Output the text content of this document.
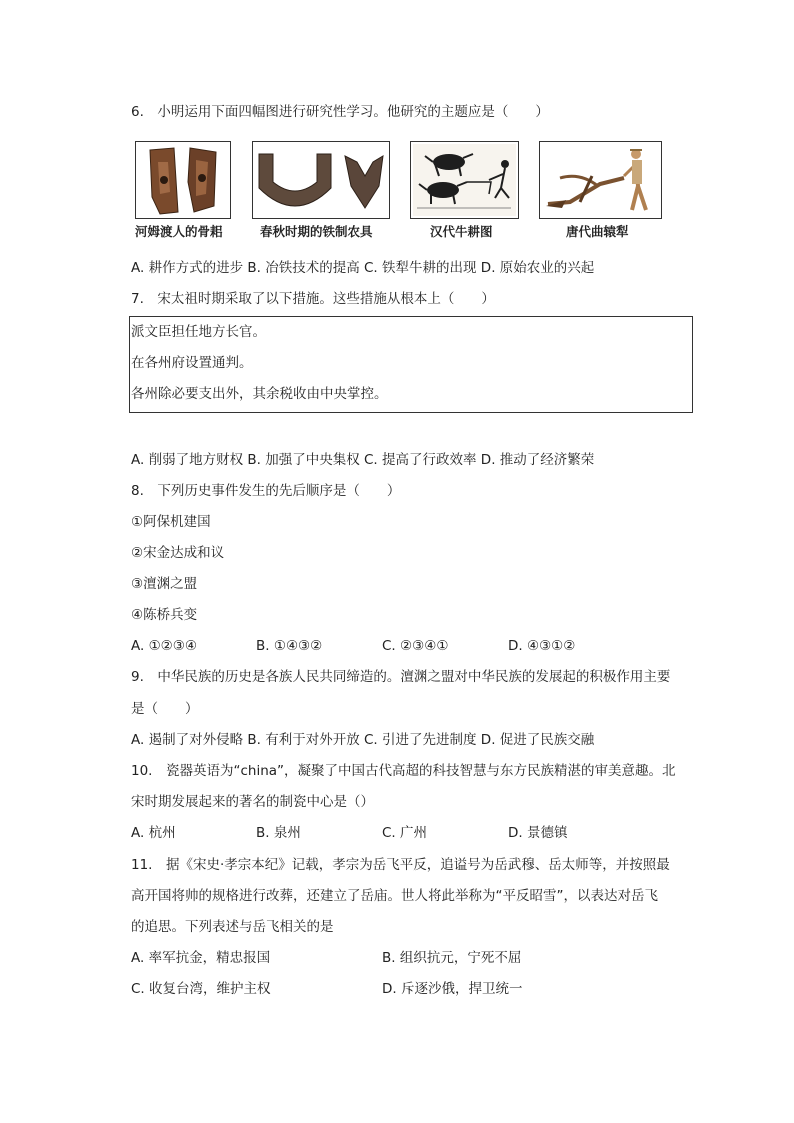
6.　小明运用下面四幅图进行研究性学习。他研究的主题应是（　　）
河姆渡人的骨耜	春秋时期的铁制农具	汉代牛耕图	唐代曲辕犁
A. 耕作方式的进步 B. 冶铁技术的提高 C. 铁犁牛耕的出现 D. 原始农业的兴起
7.　宋太祖时期采取了以下措施。这些措施从根本上（　　）
派文臣担任地方长官。
在各州府设置通判。
各州除必要支出外，其余税收由中央掌控。
A. 削弱了地方财权 B. 加强了中央集权 C. 提高了行政效率 D. 推动了经济繁荣
8.　下列历史事件发生的先后顺序是（　　）
①阿保机建国
②宋金达成和议
③澶渊之盟
④陈桥兵变
A. ①②③④	B. ①④③②	C. ②③④①	D. ④③①②
9.　中华民族的历史是各族人民共同缔造的。澶渊之盟对中华民族的发展起的积极作用主要
是（　　）
A. 遏制了对外侵略 B. 有利于对外开放 C. 引进了先进制度 D. 促进了民族交融
10.　瓷器英语为“china”，凝聚了中国古代高超的科技智慧与东方民族精湛的审美意趣。北
宋时期发展起来的著名的制瓷中心是（）
A. 杭州	B. 泉州	C. 广州	D. 景德镇
11.　据《宋史·孝宗本纪》记载，孝宗为岳飞平反，追谥号为岳武穆、岳太师等，并按照最
高开国将帅的规格进行改葬，还建立了岳庙。世人将此举称为“平反昭雪”，以表达对岳飞
的追思。下列表述与岳飞相关的是
A. 率军抗金，精忠报国	B. 组织抗元，宁死不屈
C. 收复台湾，维护主权	D. 斥逐沙俄，捍卫统一
